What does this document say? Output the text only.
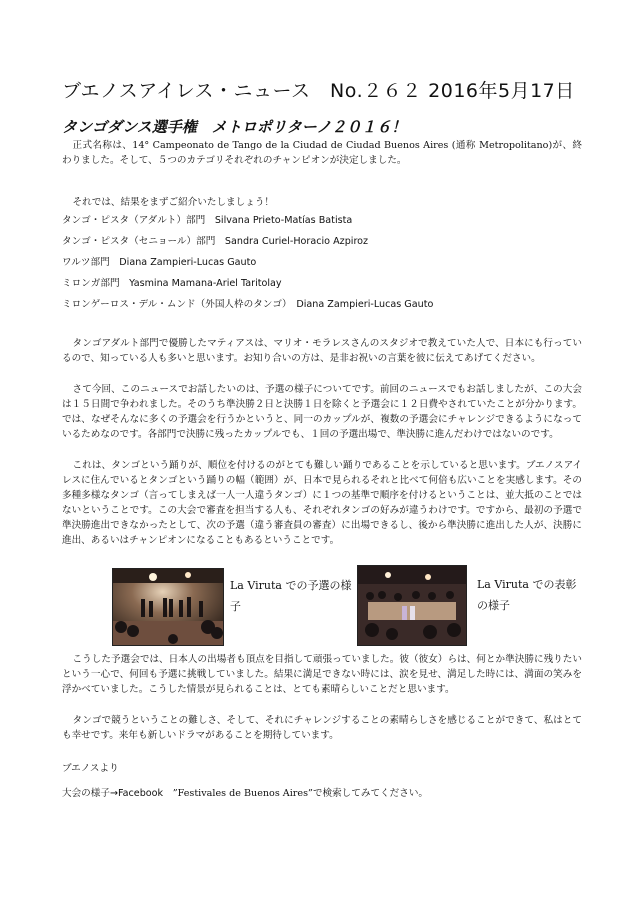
ブエノスアイレス・ニュース　No.２６２ 2016年5月17日
タンゴダンス選手権　メトロポリターノ２０１６！

正式名称は、14° Campeonato de Tango de la Ciudad de Ciudad Buenos Aires (通称 Metropolitano)が、終わりました。そして、５つのカテゴリそれぞれのチャンピオンが決定しました。

それでは、結果をまずご紹介いたしましょう！
タンゴ・ピスタ（アダルト）部門　Silvana Prieto-Matías Batista
タンゴ・ピスタ（セニョール）部門　Sandra Curiel-Horacio Azpiroz
ワルツ部門　Diana Zampieri-Lucas Gauto
ミロンガ部門　Yasmina Mamana-Ariel Taritolay
ミロンゲーロス・デル・ムンド（外国人枠のタンゴ）　Diana Zampieri-Lucas Gauto

タンゴアダルト部門で優勝したマティアスは、マリオ・モラレスさんのスタジオで教えていた人で、日本にも行っているので、知っている人も多いと思います。お知り合いの方は、是非お祝いの言葉を彼に伝えてあげてください。

さて今回、このニュースでお話したいのは、予選の様子についてです。前回のニュースでもお話しましたが、この大会は１５日間で争われました。そのうち準決勝２日と決勝１日を除くと予選会に１２日費やされていたことが分かります。では、なぜそんなに多くの予選会を行うかというと、同一のカップルが、複数の予選会にチャレンジできるようになっているためなのです。各部門で決勝に残ったカップルでも、１回の予選出場で、準決勝に進んだわけではないのです。

これは、タンゴという踊りが、順位を付けるのがとても難しい踊りであることを示していると思います。ブエノスアイレスに住んでいるとタンゴという踊りの幅（範囲）が、日本で見られるそれと比べて何倍も広いことを実感します。その多種多様なタンゴ（言ってしまえば一人一人違うタンゴ）に１つの基準で順序を付けるということは、並大抵のことではないということです。この大会で審査を担当する人も、それぞれタンゴの好みが違うわけです。ですから、最初の予選で準決勝進出できなかったとして、次の予選（違う審査員の審査）に出場できるし、後から準決勝に進出した人が、決勝に進出、あるいはチャンピオンになることもあるということです。

La Viruta での予選の様子
La Viruta での表彰の様子

こうした予選会では、日本人の出場者も頂点を目指して頑張っていました。彼（彼女）らは、何とか準決勝に残りたいという一心で、何回も予選に挑戦していました。結果に満足できない時には、涙を見せ、満足した時には、満面の笑みを浮かべていました。こうした情景が見られることは、とても素晴らしいことだと思います。

タンゴで競うということの難しさ、そして、それにチャレンジすることの素晴らしさを感じることができて、私はとても幸せです。来年も新しいドラマがあることを期待しています。

ブエノスより
大会の様子→Facebook　”Festivales de Buenos Aires”で検索してみてください。
